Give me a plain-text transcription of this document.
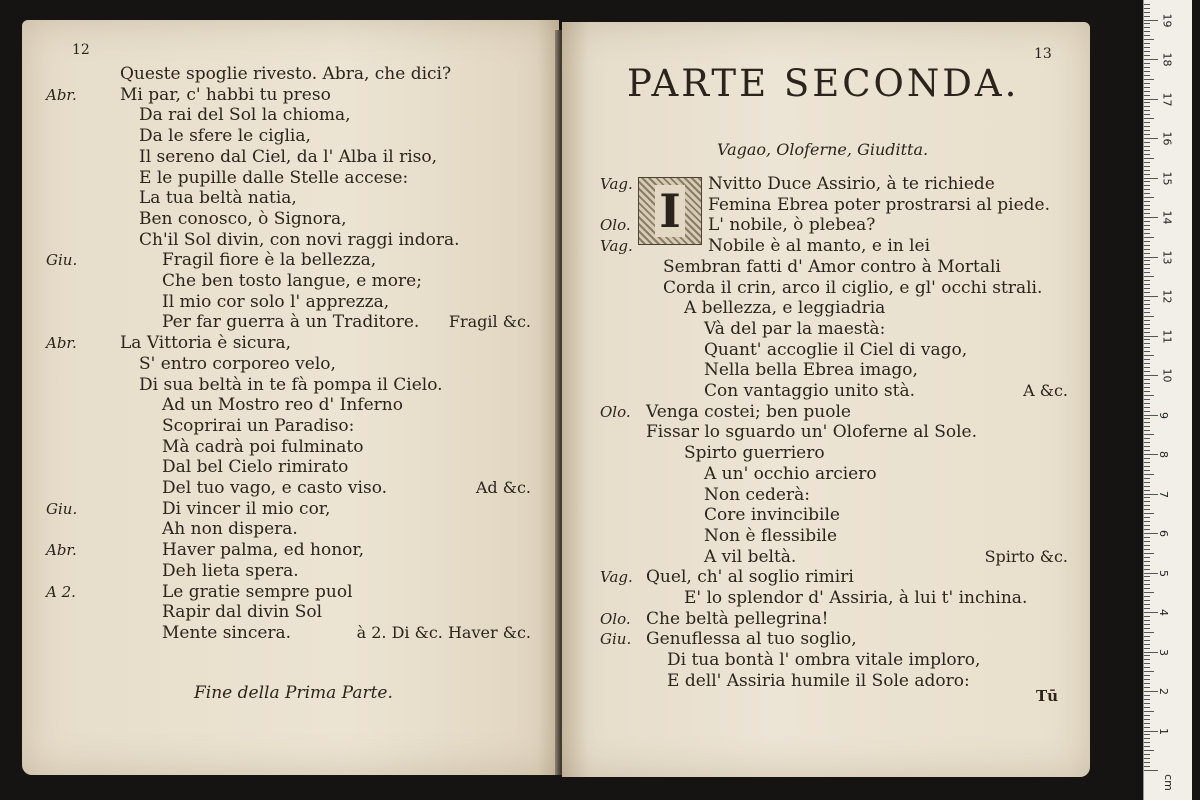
12
Queste spoglie rivesto. Abra, che dici?
Abr.	Mi par, c' habbi tu preso
Da rai del Sol la chioma,
Da le sfere le ciglia,
Il sereno dal Ciel, da l' Alba il riso,
E le pupille dalle Stelle accese:
La tua beltà natia,
Ben conosco, ò Signora,
Ch'il Sol divin, con novi raggi indora.
Giu.	Fragil fiore è la bellezza,
Che ben tosto langue, e more;
Il mio cor solo l' apprezza,
Per far guerra à un Traditore. Fragil &c.
Abr.	La Vittoria è sicura,
S' entro corporeo velo,
Di sua beltà in te fà pompa il Cielo.
Ad un Mostro reo d' Inferno
Scoprirai un Paradiso:
Mà cadrà poi fulminato
Dal bel Cielo rimirato
Del tuo vago, e casto viso.	Ad &c.
Giu.	Di vincer il mio cor,
Ah non dispera.
Abr.	Haver palma, ed honor,
Deh lieta spera.
A 2.	Le gratie sempre puol
Rapir dal divin Sol
Mente sincera.	à 2. Di &c. Haver &c.
Fine della Prima Parte.
13
PARTE SECONDA.
Vagao, Oloferne, Giuditta.
I
Vag.	Nvitto Duce Assirio, à te richiede
Femina Ebrea poter prostrarsi al piede.
Olo.	L' nobile, ò plebea?
Vag.	Nobile è al manto, e in lei
Sembran fatti d' Amor contro à Mortali
Corda il crin, arco il ciglio, e gl' occhi strali.
A bellezza, e leggiadria
Và del par la maestà:
Quant' accoglie il Ciel di vago,
Nella bella Ebrea imago,
Con vantaggio unito stà.	A &c.
Olo. Venga costei; ben puole
Fissar lo sguardo un' Oloferne al Sole.
Spirto guerriero
A un' occhio arciero
Non cederà:
Core invincibile
Non è flessibile
A vil beltà.	Spirto &c.
Vag. Quel, ch' al soglio rimiri
E' lo splendor d' Assiria, à lui t' inchina.
Olo. Che beltà pellegrina!
Giu. Genuflessa al tuo soglio,
Di tua bontà l' ombra vitale imploro,
E dell' Assiria humile il Sole adoro:
Tū
1
2
3
4
5
6
7
8
9
10
11
12
13
14
15
16
17
18
19
cm
